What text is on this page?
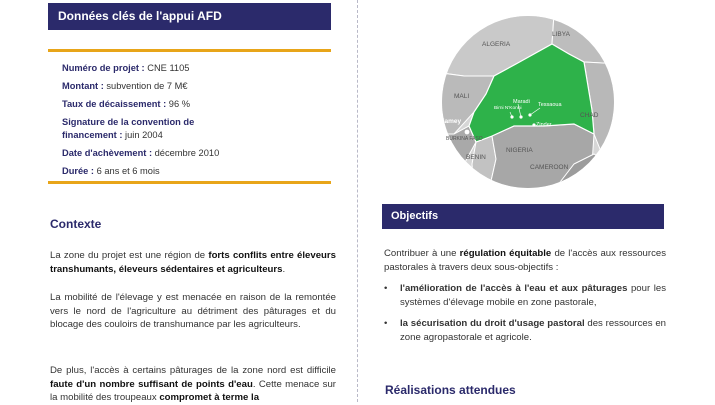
Données clés de l'appui AFD
Numéro de projet : CNE 1105
Montant : subvention de 7 M€
Taux de décaissement : 96 %
Signature de la convention de financement : juin 2004
Date d'achèvement : décembre 2010
Durée : 6 ans et 6 mois
Contexte
La zone du projet est une région de forts conflits entre éleveurs transhumants, éleveurs sédentaires et agriculteurs.
La mobilité de l'élevage y est menacée en raison de la remontée vers le nord de l'agriculture au détriment des pâturages et du blocage des couloirs de transhumance par les agriculteurs.
De plus, l'accès à certains pâturages de la zone nord est difficile faute d'un nombre suffisant de points d'eau. Cette menace sur la mobilité des troupeaux compromet à terme la
ALGERIA
LIBYA
MALI
CHAD
BURKINA FASO
BENIN
NIGERIA
CAMEROON
Niamey
Maradi
Birni N'Konni
Tessaoua
Zinder
Objectifs
Contribuer à une régulation équitable de l'accès aux ressources pastorales à travers deux sous-objectifs :
• l'amélioration de l'accès à l'eau et aux pâturages pour les systèmes d'élevage mobile en zone pastorale,
• la sécurisation du droit d'usage pastoral des ressources en zone agropastorale et agricole.
Réalisations attendues
